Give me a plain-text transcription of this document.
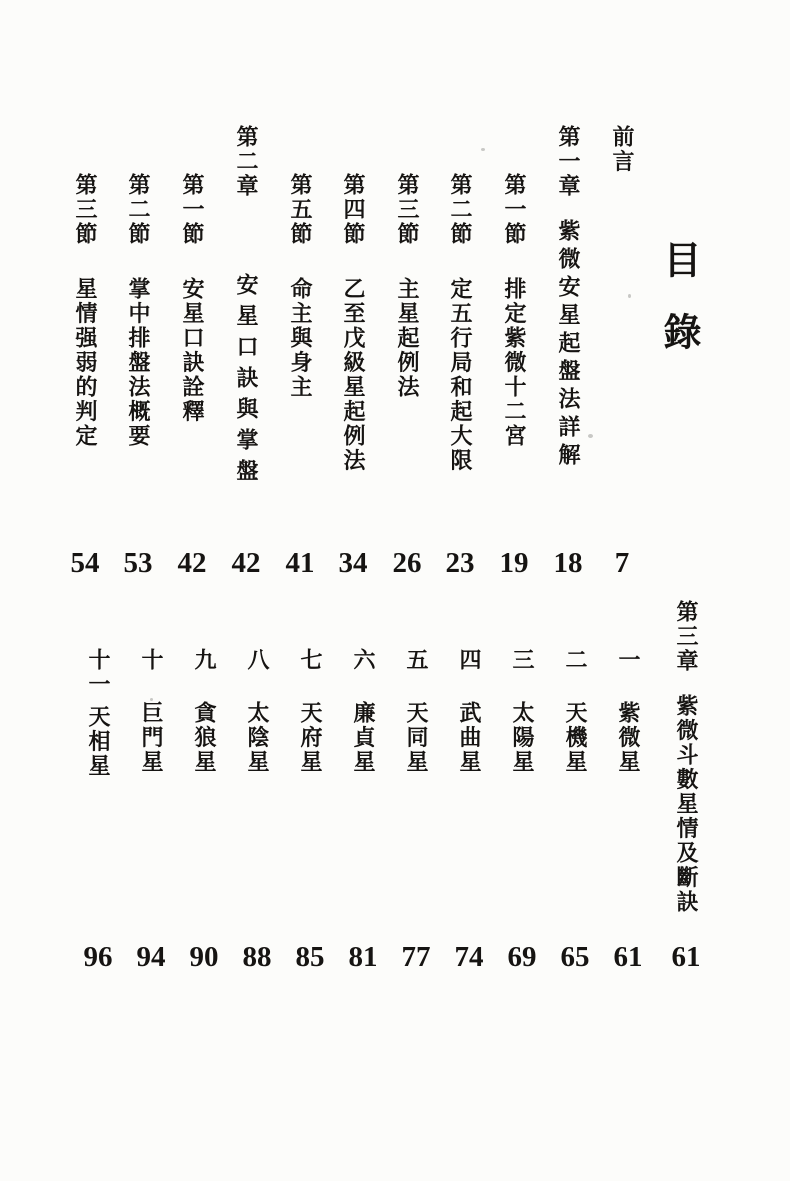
目錄
前言
第一章紫微安星起盤法詳解
第一節排定紫微十二宮
第二節定五行局和起大限
第三節主星起例法
第四節乙至戊級星起例法
第五節命主與身主
第二章安星口訣與掌盤
第一節安星口訣詮釋
第二節掌中排盤法概要
第三節星情强弱的判定
7
18
19
23
26
34
41
42
42
53
54
第三章紫微斗數星情及斷訣
一紫微星
二天機星
三太陽星
四武曲星
五天同星
六廉貞星
七天府星
八太陰星
九貪狼星
十巨門星
十一天相星
61
61
65
69
74
77
81
85
88
90
94
96
